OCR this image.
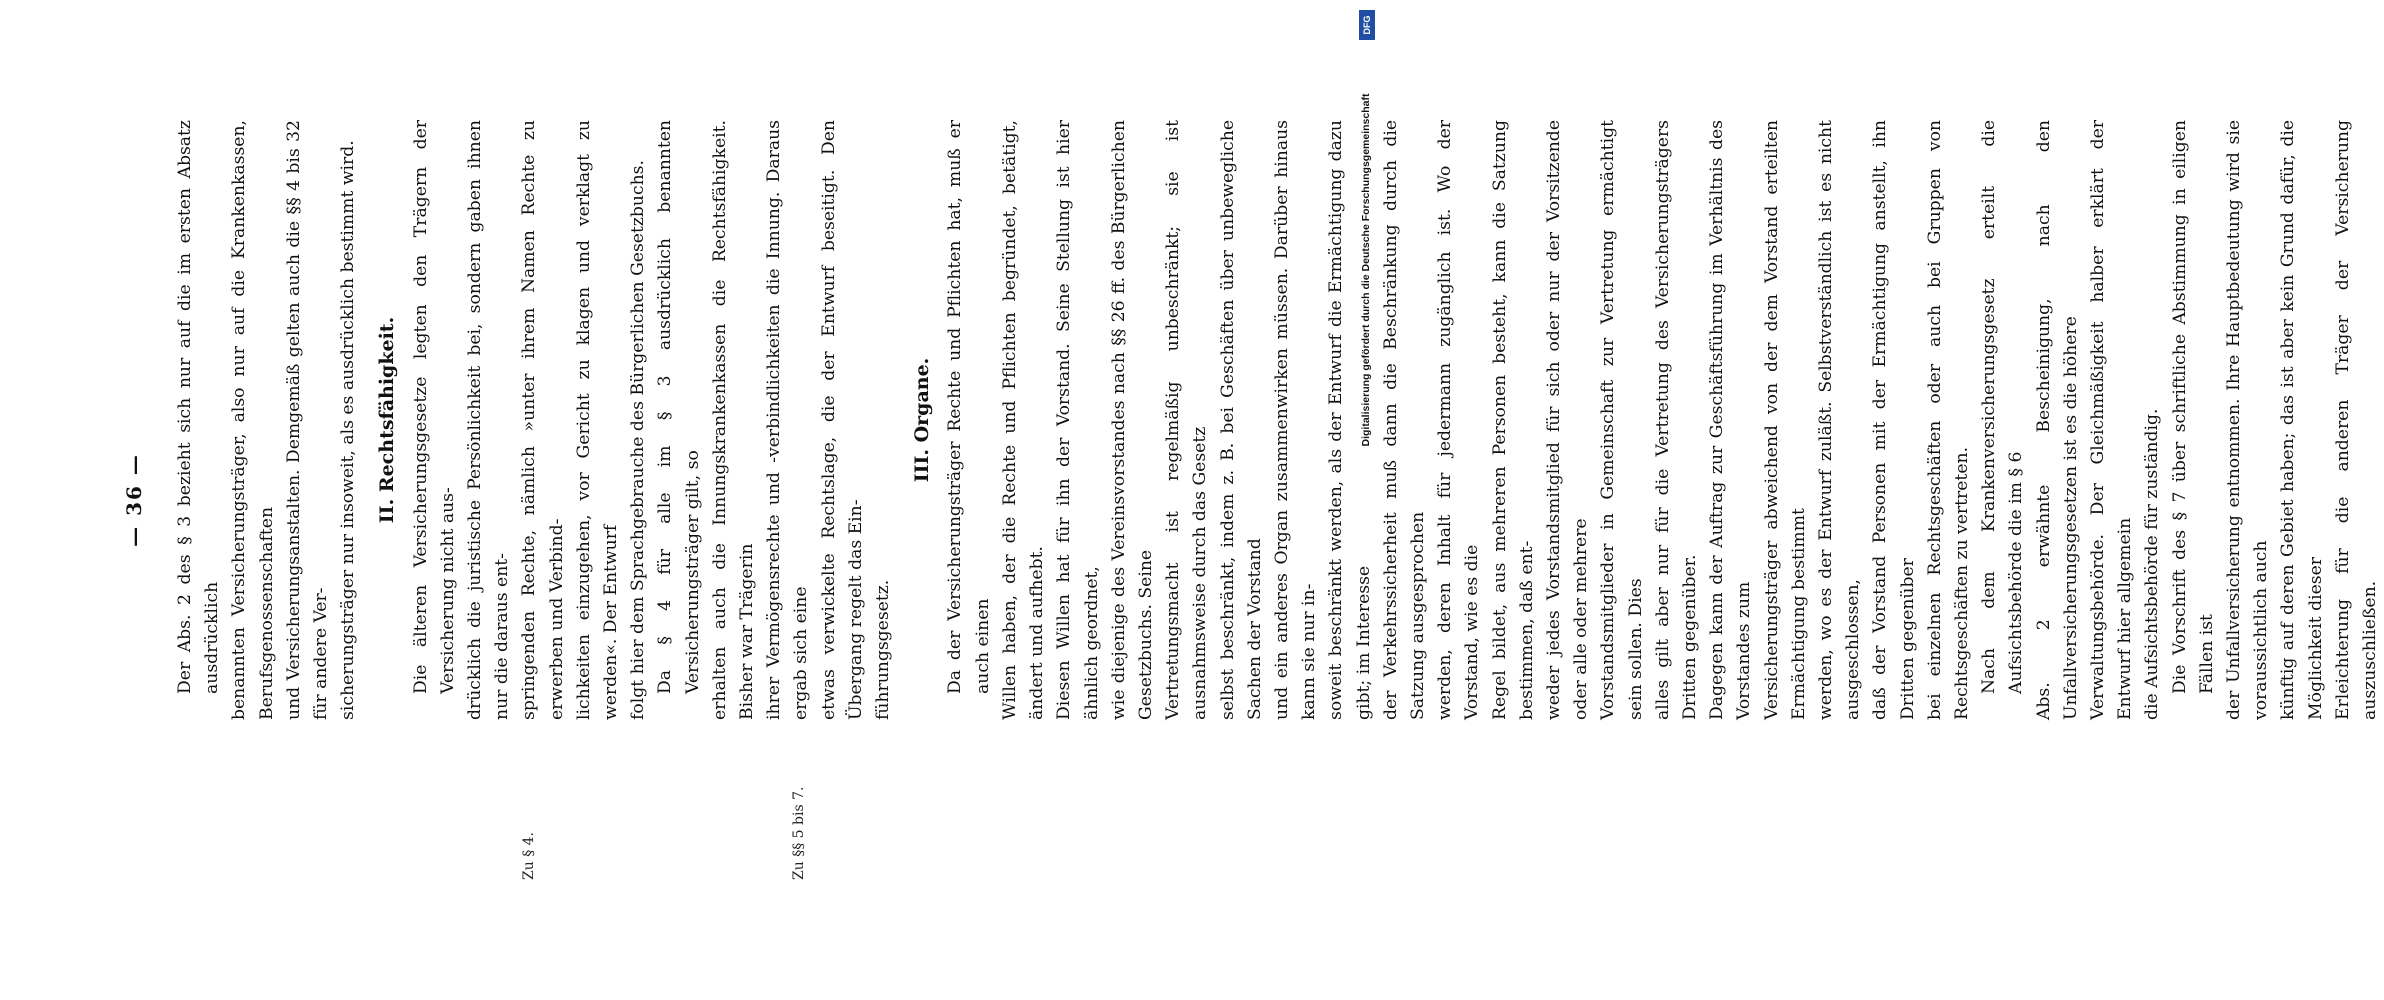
— 36 —
Zu § 4.	Zu §§ 5 bis 7.
Der Abs. 2 des § 3 bezieht sich nur auf die im ersten Absatz ausdrücklich benannten Versicherungsträger, also nur auf die Krankenkassen, Berufsgenossenschaften und Versicherungsanstalten. Demgemäß gelten auch die §§ 4 bis 32 für andere Ver- sicherungsträger nur insoweit, als es ausdrücklich bestimmt wird. II. Rechtsfähigkeit. Die älteren Versicherungsgesetze legten den Trägern der Versicherung nicht aus- drücklich die juristische Persönlichkeit bei, sondern gaben ihnen nur die daraus ent- springenden Rechte, nämlich »unter ihrem Namen Rechte zu erwerben und Verbind- lichkeiten einzugehen, vor Gericht zu klagen und verklagt zu werden«. Der Entwurf folgt hier dem Sprachgebrauche des Bürgerlichen Gesetzbuchs. Da § 4 für alle im § 3 ausdrücklich benannten Versicherungsträger gilt, so erhalten auch die Innungskrankenkassen die Rechtsfähigkeit. Bisher war Trägerin ihrer Vermögensrechte und -verbindlichkeiten die Innung. Daraus ergab sich eine etwas verwickelte Rechtslage, die der Entwurf beseitigt. Den Übergang regelt das Ein- führungsgesetz.
III. Organe. Da der Versicherungsträger Rechte und Pflichten hat, muß er auch einen Willen haben, der die Rechte und Pflichten begründet, betätigt, ändert und aufhebt. Diesen Willen hat für ihn der Vorstand. Seine Stellung ist hier ähnlich geordnet, wie diejenige des Vereinsvorstandes nach §§ 26 ff. des Bürgerlichen Gesetzbuchs. Seine Vertretungsmacht ist regelmäßig unbeschränkt; sie ist ausnahmsweise durch das Gesetz selbst beschränkt, indem z. B. bei Geschäften über unbewegliche Sachen der Vorstand und ein anderes Organ zusammenwirken müssen. Darüber hinaus kann sie nur in- soweit beschränkt werden, als der Entwurf die Ermächtigung dazu gibt; im Interesse der Verkehrssicherheit muß dann die Beschränkung durch die Satzung ausgesprochen werden, deren Inhalt für jedermann zugänglich ist. Wo der Vorstand, wie es die Regel bildet, aus mehreren Personen besteht, kann die Satzung bestimmen, daß ent- weder jedes Vorstandsmitglied für sich oder nur der Vorsitzende oder alle oder mehrere Vorstandsmitglieder in Gemeinschaft zur Vertretung ermächtigt sein sollen. Dies alles gilt aber nur für die Vertretung des Versicherungsträgers Dritten gegenüber. Dagegen kann der Auftrag zur Geschäftsführung im Verhältnis des Vorstandes zum Versicherungsträger abweichend von der dem Vorstand erteilten Ermächtigung bestimmt werden, wo es der Entwurf zuläßt. Selbstverständlich ist es nicht ausgeschlossen, daß der Vorstand Personen mit der Ermächtigung anstellt, ihn Dritten gegenüber bei einzelnen Rechtsgeschäften oder auch bei Gruppen von Rechtsgeschäften zu vertreten. Nach dem Krankenversicherungsgesetz erteilt die Aufsichtsbehörde die im § 6 Abs. 2 erwähnte Bescheinigung, nach den Unfallversicherungsgesetzen ist es die höhere Verwaltungsbehörde. Der Gleichmäßigkeit halber erklärt der Entwurf hier allgemein die Aufsichtsbehörde für zuständig. Die Vorschrift des § 7 über schriftliche Abstimmung in eiligen Fällen ist der Unfallversicherung entnommen. Ihre Hauptbedeutung wird sie voraussichtlich auch künftig auf deren Gebiet haben; das ist aber kein Grund dafür, die Möglichkeit dieser Erleichterung für die anderen Träger der Versicherung auszuschließen.
Digitalisierung gefördert durch die Deutsche Forschungsgemeinschaft
DFG
